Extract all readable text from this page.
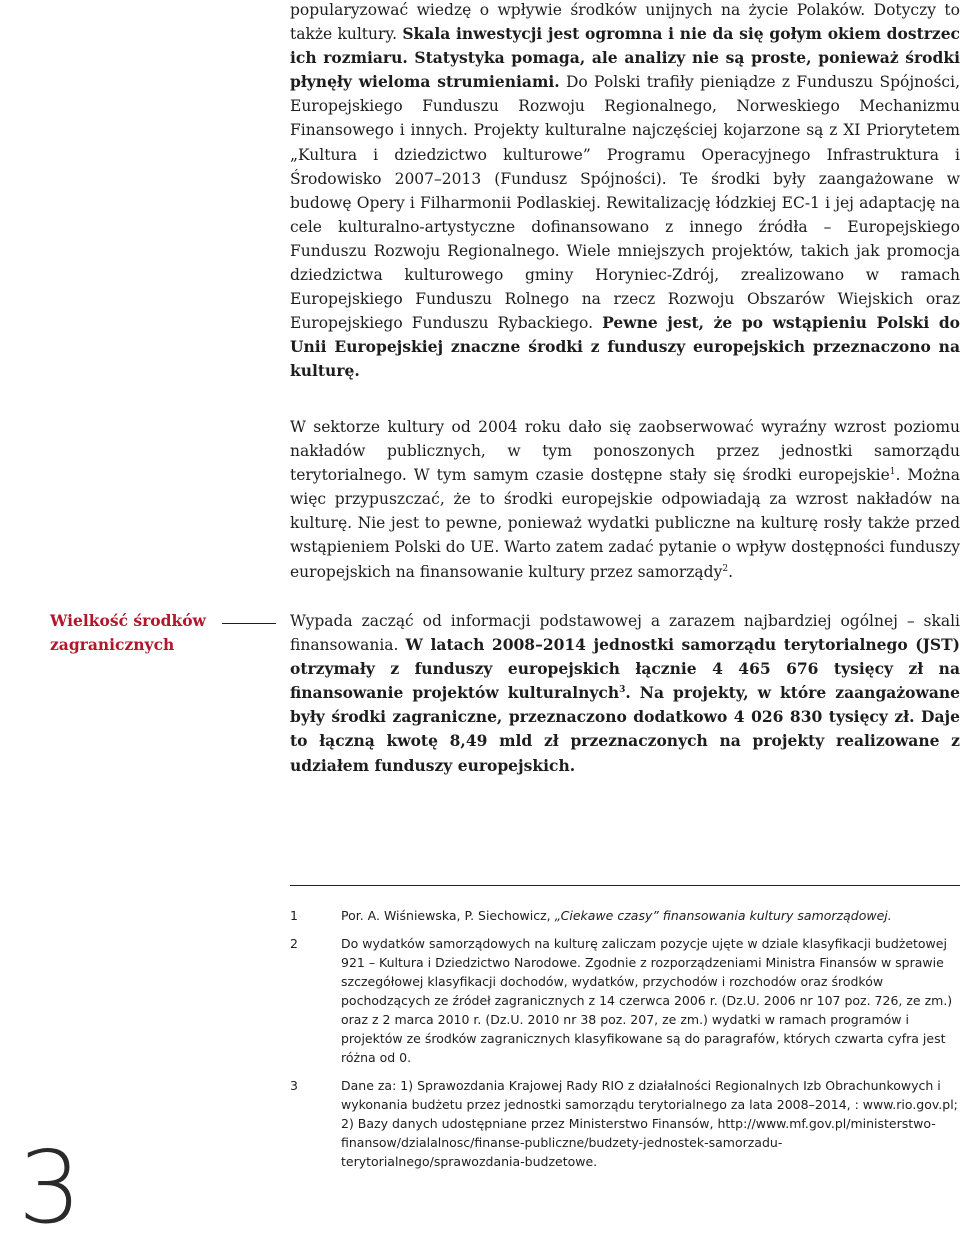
popularyzować wiedzę o wpływie środków unijnych na życie Polaków. Dotyczy to także kultury. Skala inwestycji jest ogromna i nie da się gołym okiem dostrzec ich rozmiaru. Statystyka pomaga, ale analizy nie są proste, ponieważ środki płynęły wieloma strumieniami. Do Polski trafiły pieniądze z Funduszu Spójności, Europejskiego Funduszu Rozwoju Regionalnego, Norweskiego Mechanizmu Finansowego i innych. Projekty kulturalne najczęściej kojarzone są z XI Priorytetem „Kultura i dziedzictwo kulturowe” Programu Operacyjnego Infrastruktura i Środowisko 2007–2013 (Fundusz Spójności). Te środki były zaangażowane w budowę Opery i Filharmonii Podlaskiej. Rewitalizację łódzkiej EC-1 i jej adaptację na cele kulturalno-artystyczne dofinansowano z innego źródła – Europejskiego Funduszu Rozwoju Regionalnego. Wiele mniejszych projektów, takich jak promocja dziedzictwa kulturowego gminy Horyniec-Zdrój, zrealizowano w ramach Europejskiego Funduszu Rolnego na rzecz Rozwoju Obszarów Wiejskich oraz Europejskiego Funduszu Rybackiego. Pewne jest, że po wstąpieniu Polski do Unii Europejskiej znaczne środki z funduszy europejskich przeznaczono na kulturę.

W sektorze kultury od 2004 roku dało się zaobserwować wyraźny wzrost poziomu nakładów publicznych, w tym ponoszonych przez jednostki samorządu terytorialnego. W tym samym czasie dostępne stały się środki europejskie$^1$. Można więc przypuszczać, że to środki europejskie odpowiadają za wzrost nakładów na kulturę. Nie jest to pewne, ponieważ wydatki publiczne na kulturę rosły także przed wstąpieniem Polski do UE. Warto zatem zadać pytanie o wpływ dostępności funduszy europejskich na finansowanie kultury przez samorządy$^2$.

Wielkość środków zagranicznych

Wypada zacząć od informacji podstawowej a zarazem najbardziej ogólnej – skali finansowania. W latach 2008–2014 jednostki samorządu terytorialnego (JST) otrzymały z funduszy europejskich łącznie 4 465 676 tysięcy zł na finansowanie projektów kulturalnych$^3$. Na projekty, w które zaangażowane były środki zagraniczne, przeznaczono dodatkowo 4 026 830 tysięcy zł. Daje to łączną kwotę 8,49 mld zł przeznaczonych na projekty realizowane z udziałem funduszy europejskich.

1	Por. A. Wiśniewska, P. Siechowicz, „Ciekawe czasy” finansowania kultury samorządowej.

2	Do wydatków samorządowych na kulturę zaliczam pozycje ujęte w dziale klasyfikacji budżetowej 921 – Kultura i Dziedzictwo Narodowe. Zgodnie z rozporządzeniami Ministra Finansów w sprawie szczegółowej klasyfikacji dochodów, wydatków, przychodów i rozchodów oraz środków pochodzących ze źródeł zagranicznych z 14 czerwca 2006 r. (Dz.U. 2006 nr 107 poz. 726, ze zm.) oraz z 2 marca 2010 r. (Dz.U. 2010 nr 38 poz. 207, ze zm.) wydatki w ramach programów i projektów ze środków zagranicznych klasyfikowane są do paragrafów, których czwarta cyfra jest różna od 0.

3	Dane za: 1) Sprawozdania Krajowej Rady RIO z działalności Regionalnych Izb Obrachunkowych i wykonania budżetu przez jednostki samorządu terytorialnego za lata 2008–2014, : www.rio.gov.pl; 2) Bazy danych udostępniane przez Ministerstwo Finansów, http://www.mf.gov.pl/ministerstwo-finansow/dzialalnosc/finanse-publiczne/budzety-jednostek-samorzadu-terytorialnego/sprawozdania-budzetowe.

3
